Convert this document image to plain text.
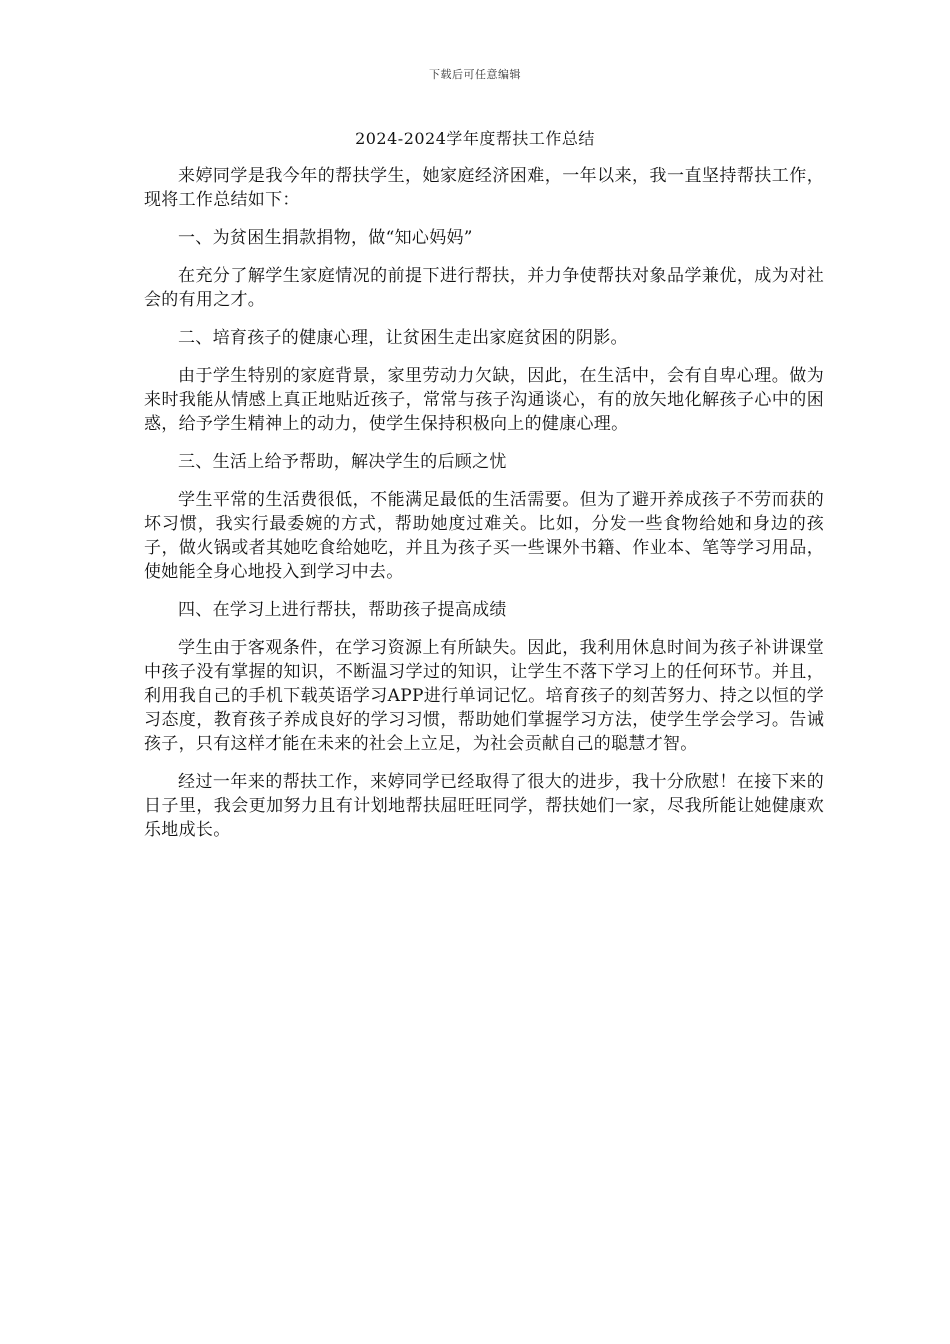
下载后可任意编辑
2024-2024学年度帮扶工作总结

来婷同学是我今年的帮扶学生，她家庭经济困难，一年以来，我一直坚持帮扶工作，现将工作总结如下：

一、为贫困生捐款捐物，做“知心妈妈”

在充分了解学生家庭情况的前提下进行帮扶，并力争使帮扶对象品学兼优，成为对社会的有用之才。

二、培育孩子的健康心理，让贫困生走出家庭贫困的阴影。

由于学生特别的家庭背景，家里劳动力欠缺，因此，在生活中，会有自卑心理。做为来时我能从情感上真正地贴近孩子，常常与孩子沟通谈心，有的放矢地化解孩子心中的困惑，给予学生精神上的动力，使学生保持积极向上的健康心理。

三、生活上给予帮助，解决学生的后顾之忧

学生平常的生活费很低，不能满足最低的生活需要。但为了避开养成孩子不劳而获的坏习惯，我实行最委婉的方式，帮助她度过难关。比如，分发一些食物给她和身边的孩子，做火锅或者其她吃食给她吃，并且为孩子买一些课外书籍、作业本、笔等学习用品，使她能全身心地投入到学习中去。

四、在学习上进行帮扶，帮助孩子提高成绩

学生由于客观条件，在学习资源上有所缺失。因此，我利用休息时间为孩子补讲课堂中孩子没有掌握的知识，不断温习学过的知识，让学生不落下学习上的任何环节。并且，利用我自己的手机下载英语学习APP进行单词记忆。培育孩子的刻苦努力、持之以恒的学习态度，教育孩子养成良好的学习习惯，帮助她们掌握学习方法，使学生学会学习。告诫孩子，只有这样才能在未来的社会上立足，为社会贡献自己的聪慧才智。

经过一年来的帮扶工作，来婷同学已经取得了很大的进步，我十分欣慰！在接下来的日子里，我会更加努力且有计划地帮扶屈旺旺同学，帮扶她们一家，尽我所能让她健康欢乐地成长。
